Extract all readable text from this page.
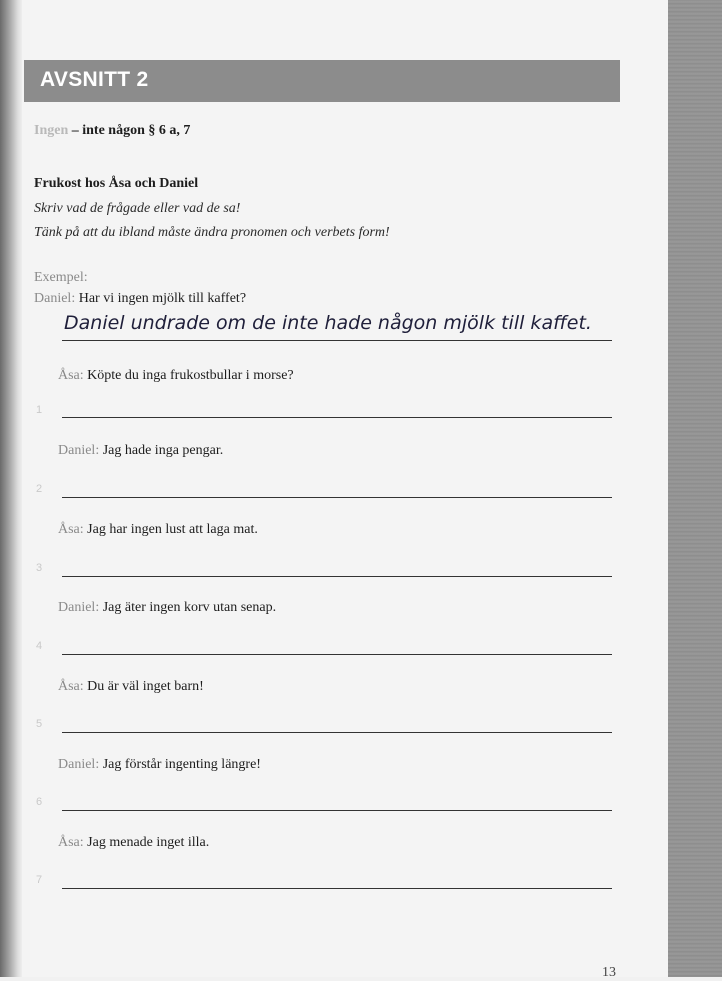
AVSNITT 2
Ingen – inte någon § 6 a, 7
Frukost hos Åsa och Daniel
Skriv vad de frågade eller vad de sa!
Tänk på att du ibland måste ändra pronomen och verbets form!
Exempel:
Daniel: Har vi ingen mjölk till kaffet?
Daniel undrade om de inte hade någon mjölk till kaffet.
Åsa: Köpte du inga frukostbullar i morse?
1
Daniel: Jag hade inga pengar.
2
Åsa: Jag har ingen lust att laga mat.
3
Daniel: Jag äter ingen korv utan senap.
4
Åsa: Du är väl inget barn!
5
Daniel: Jag förstår ingenting längre!
6
Åsa: Jag menade inget illa.
7
13
